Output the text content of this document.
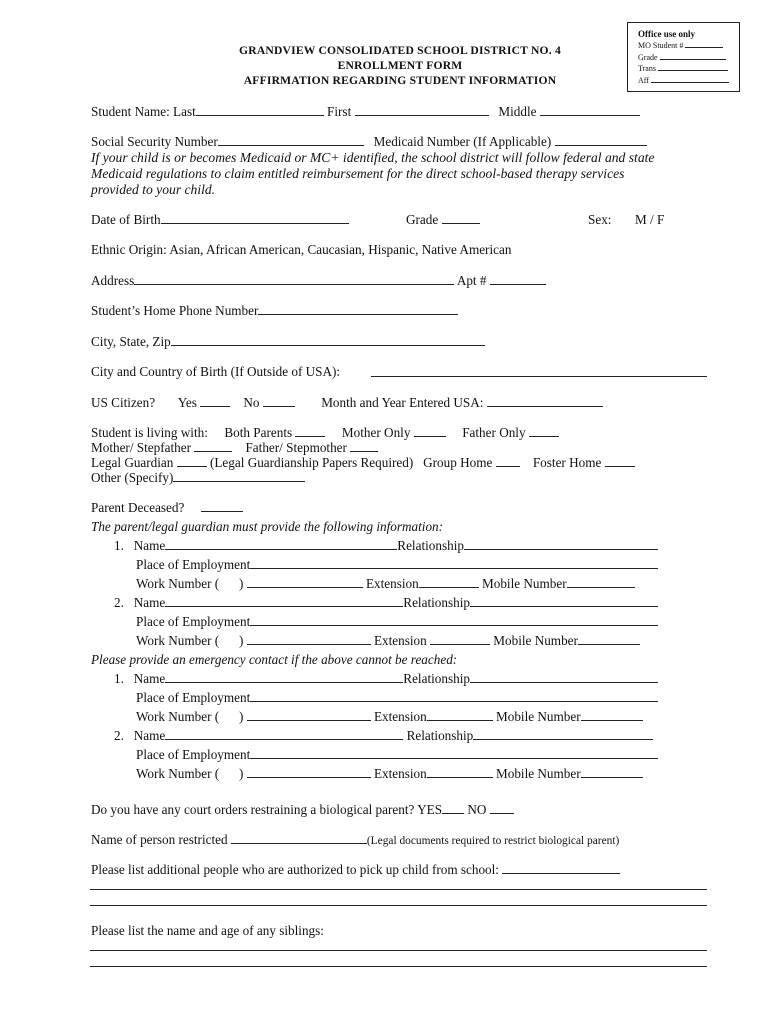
Office use only
MO Student #
Grade
Trans
Aff
GRANDVIEW CONSOLIDATED SCHOOL DISTRICT NO. 4
ENROLLMENT FORM
AFFIRMATION REGARDING STUDENT INFORMATION
Student Name: Last	First	Middle
Social Security Number	Medicaid Number (If Applicable)
If your child is or becomes Medicaid or MC+ identified, the school district will follow federal and state
Medicaid regulations to claim entitled reimbursement for the direct school-based therapy services
provided to your child.
Date of Birth	Grade	Sex: M / F
Ethnic Origin: Asian, African American, Caucasian, Hispanic, Native American
Address	Apt #
Student’s Home Phone Number
City, State, Zip
City and Country of Birth (If Outside of USA):
US Citizen? Yes	No	Month and Year Entered USA:
Student is living with: Both Parents	Mother Only	Father Only
Mother/ Stepfather	Father/ Stepmother
Legal Guardian	(Legal Guardianship Papers Required) Group Home	Foster Home
Other (Specify)
Parent Deceased?
The parent/legal guardian must provide the following information:
1.   Name	Relationship
Place of Employment
Work Number ( )	Extension	Mobile Number
2.   Name	Relationship
Place of Employment
Work Number ( )	Extension	Mobile Number
Please provide an emergency contact if the above cannot be reached:
1.   Name	Relationship
Place of Employment
Work Number ( )	Extension	Mobile Number
2.   Name	Relationship
Place of Employment
Work Number ( )	Extension	Mobile Number
Do you have any court orders restraining a biological parent? YES NO
Name of person restricted	(Legal documents required to restrict biological parent)
Please list additional people who are authorized to pick up child from school:
Please list the name and age of any siblings:
